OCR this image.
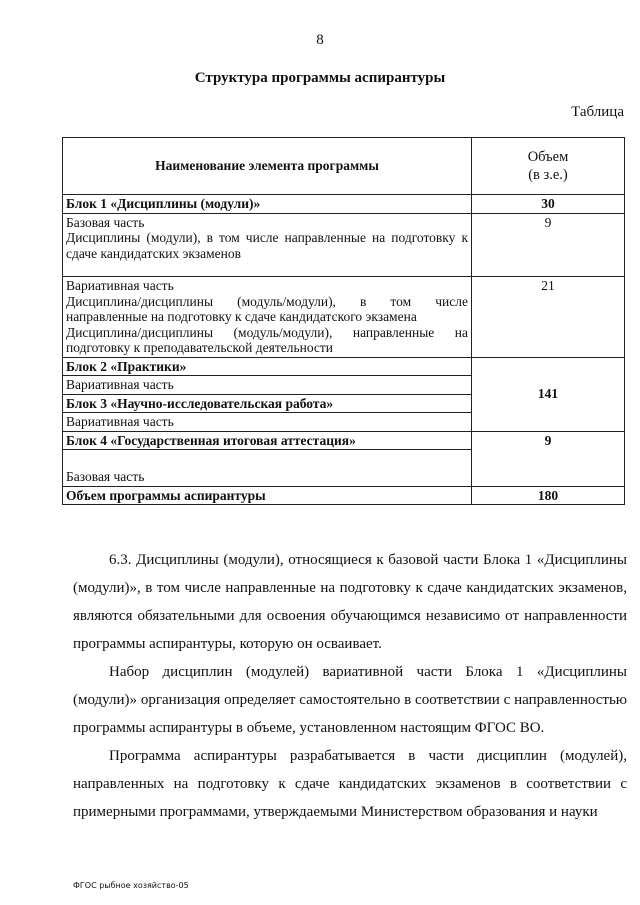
8
Структура программы аспирантуры
Таблица
Наименование элемента программы	Объем
(в з.е.)

Блок 1 «Дисциплины (модули)»	30

Базовая часть
Дисциплины (модули), в том числе направленные на подготовку к сдаче кандидатских экзаменов	9

Вариативная часть
Дисциплина/дисциплины (модуль/модули), в том числе направленные на подготовку к сдаче кандидатского экзамена
Дисциплина/дисциплины (модуль/модули), направленные на подготовку к преподавательской деятельности	21
Блок 2 «Практики»	141
Вариативная часть	
Блок 3 «Научно-исследовательская работа»	
Вариативная часть	
Блок 4 «Государственная итоговая аттестация»	9

Базовая часть	

Объем программы аспирантуры	180

6.3. Дисциплины (модули), относящиеся к базовой части Блока 1 «Дисциплины (модули)», в том числе направленные на подготовку к сдаче кандидатских экзаменов, являются обязательными для освоения обучающимся независимо от направленности программы аспирантуры, которую он осваивает.

Набор дисциплин (модулей) вариативной части Блока 1 «Дисциплины (модули)» организация определяет самостоятельно в соответствии с направленностью программы аспирантуры в объеме, установленном настоящим ФГОС ВО.

Программа аспирантуры разрабатывается в части дисциплин (модулей), направленных на подготовку к сдаче кандидатских экзаменов в соответствии с примерными программами, утверждаемыми Министерством образования и науки

ФГОС рыбное хозяйство-05
